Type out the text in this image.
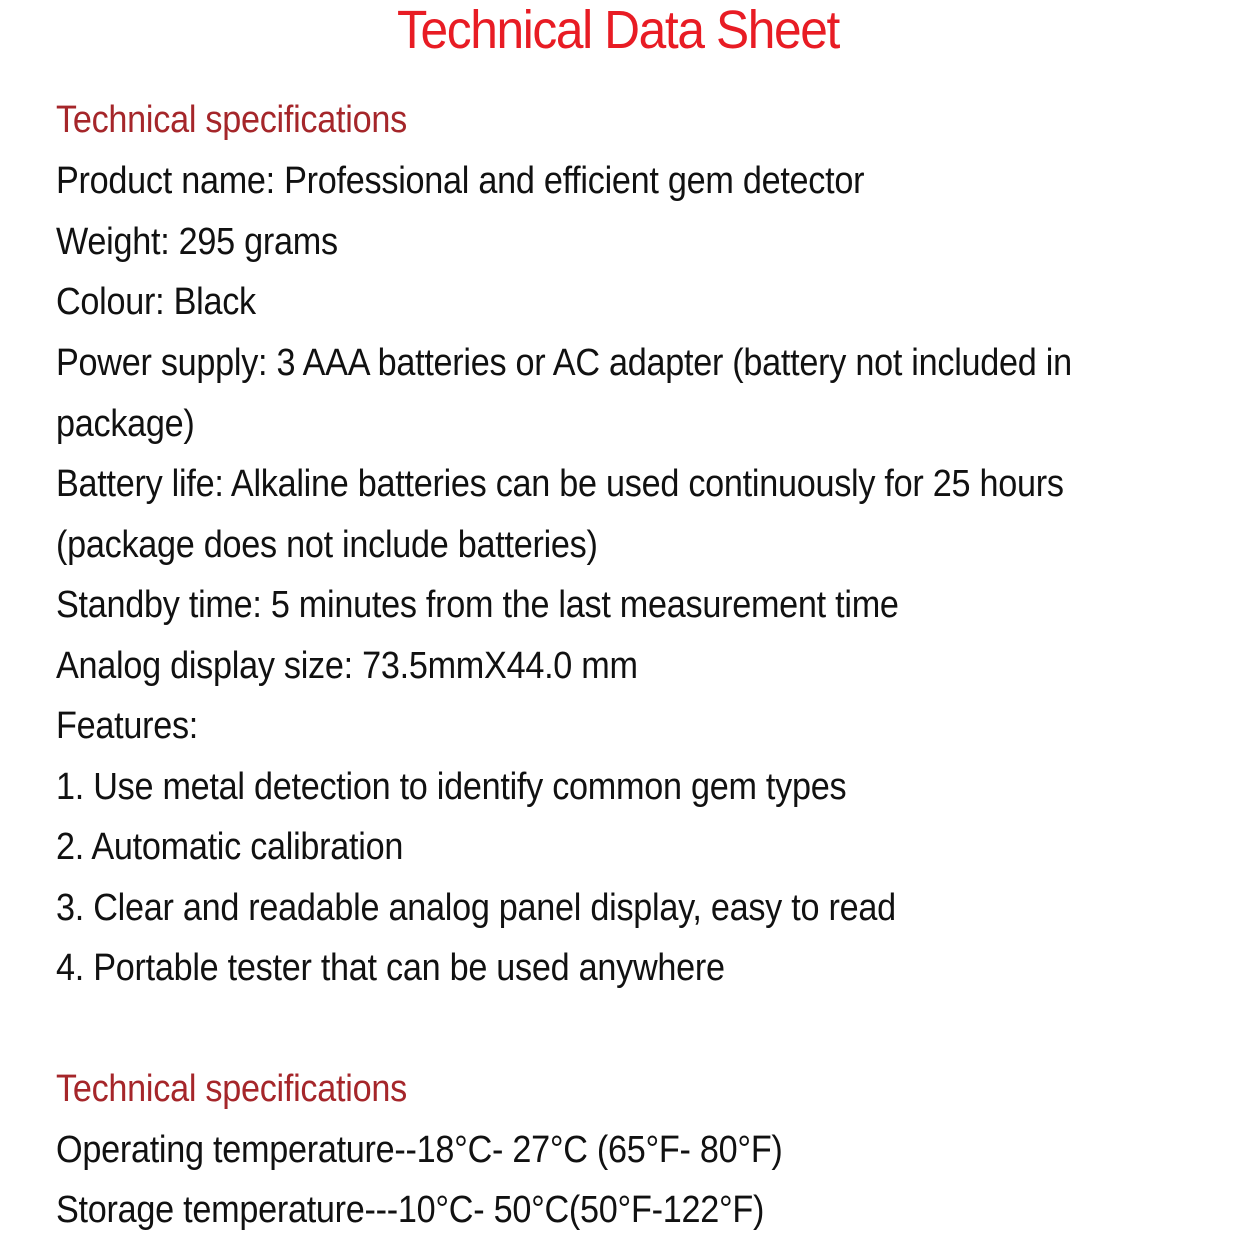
Technical Data Sheet
Technical specifications
Product name: Professional and efficient gem detector
Weight: 295 grams
Colour: Black
Power supply: 3 AAA batteries or AC adapter (battery not included in
package)
Battery life: Alkaline batteries can be used continuously for 25 hours
(package does not include batteries)
Standby time: 5 minutes from the last measurement time
Analog display size: 73.5mmX44.0 mm
Features:
1. Use metal detection to identify common gem types
2. Automatic calibration
3. Clear and readable analog panel display, easy to read
4. Portable tester that can be used anywhere
Technical specifications
Operating temperature--18°C- 27°C (65°F- 80°F)
Storage temperature---10°C- 50°C(50°F-122°F)
